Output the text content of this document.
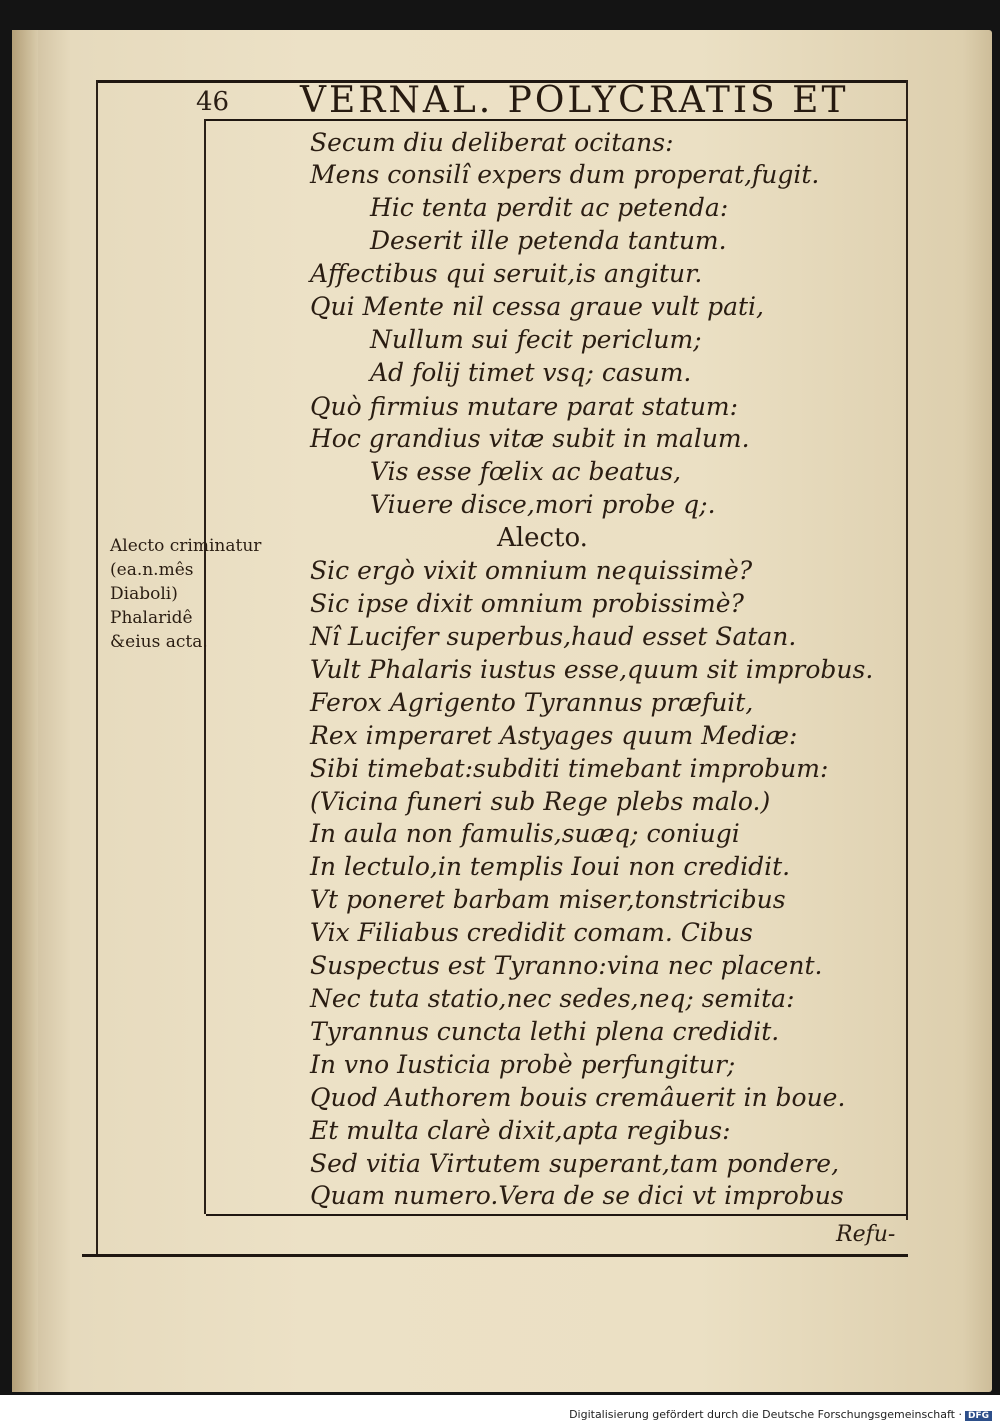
46 VERNAL. POLYCRATIS ET
Secum diu deliberat ocitans:
Mens consilî expers dum properat,fugit.
Hic tenta perdit ac petenda:
Deserit ille petenda tantum.
Affectibus qui seruit,is angitur.
Qui Mente nil cessa graue vult pati,
Nullum sui fecit periclum;
Ad folij timet vsq; casum.
Quò firmius mutare parat statum:
Hoc grandius vitæ subit in malum.
Vis esse fœlix ac beatus,
Viuere disce,mori probe q;.
Alecto.
Sic ergò vixit omnium nequissimè?
Sic ipse dixit omnium probissimè?
Nî Lucifer superbus,haud esset Satan.
Vult Phalaris iustus esse,quum sit improbus.
Ferox Agrigento Tyrannus præfuit,
Rex imperaret Astyages quum Mediæ:
Sibi timebat:subditi timebant improbum:
(Vicina funeri sub Rege plebs malo.)
In aula non famulis,suæq; coniugi
In lectulo,in templis Ioui non credidit.
Vt poneret barbam miser,tonstricibus
Vix Filiabus credidit comam. Cibus
Suspectus est Tyranno:vina nec placent.
Nec tuta statio,nec sedes,neq; semita:
Tyrannus cuncta lethi plena credidit.
In vno Iusticia probè perfungitur;
Quod Authorem bouis cremâuerit in boue.
Et multa clarè dixit,apta regibus:
Sed vitia Virtutem superant,tam pondere,
Quam numero.Vera de se dici vt improbus
Alecto criminatur
(ea.n.mês
Diaboli)
Phalaridê
&eius acta.
Refu-
Digitalisierung gefördert durch die Deutsche Forschungsgemeinschaft · DFG
